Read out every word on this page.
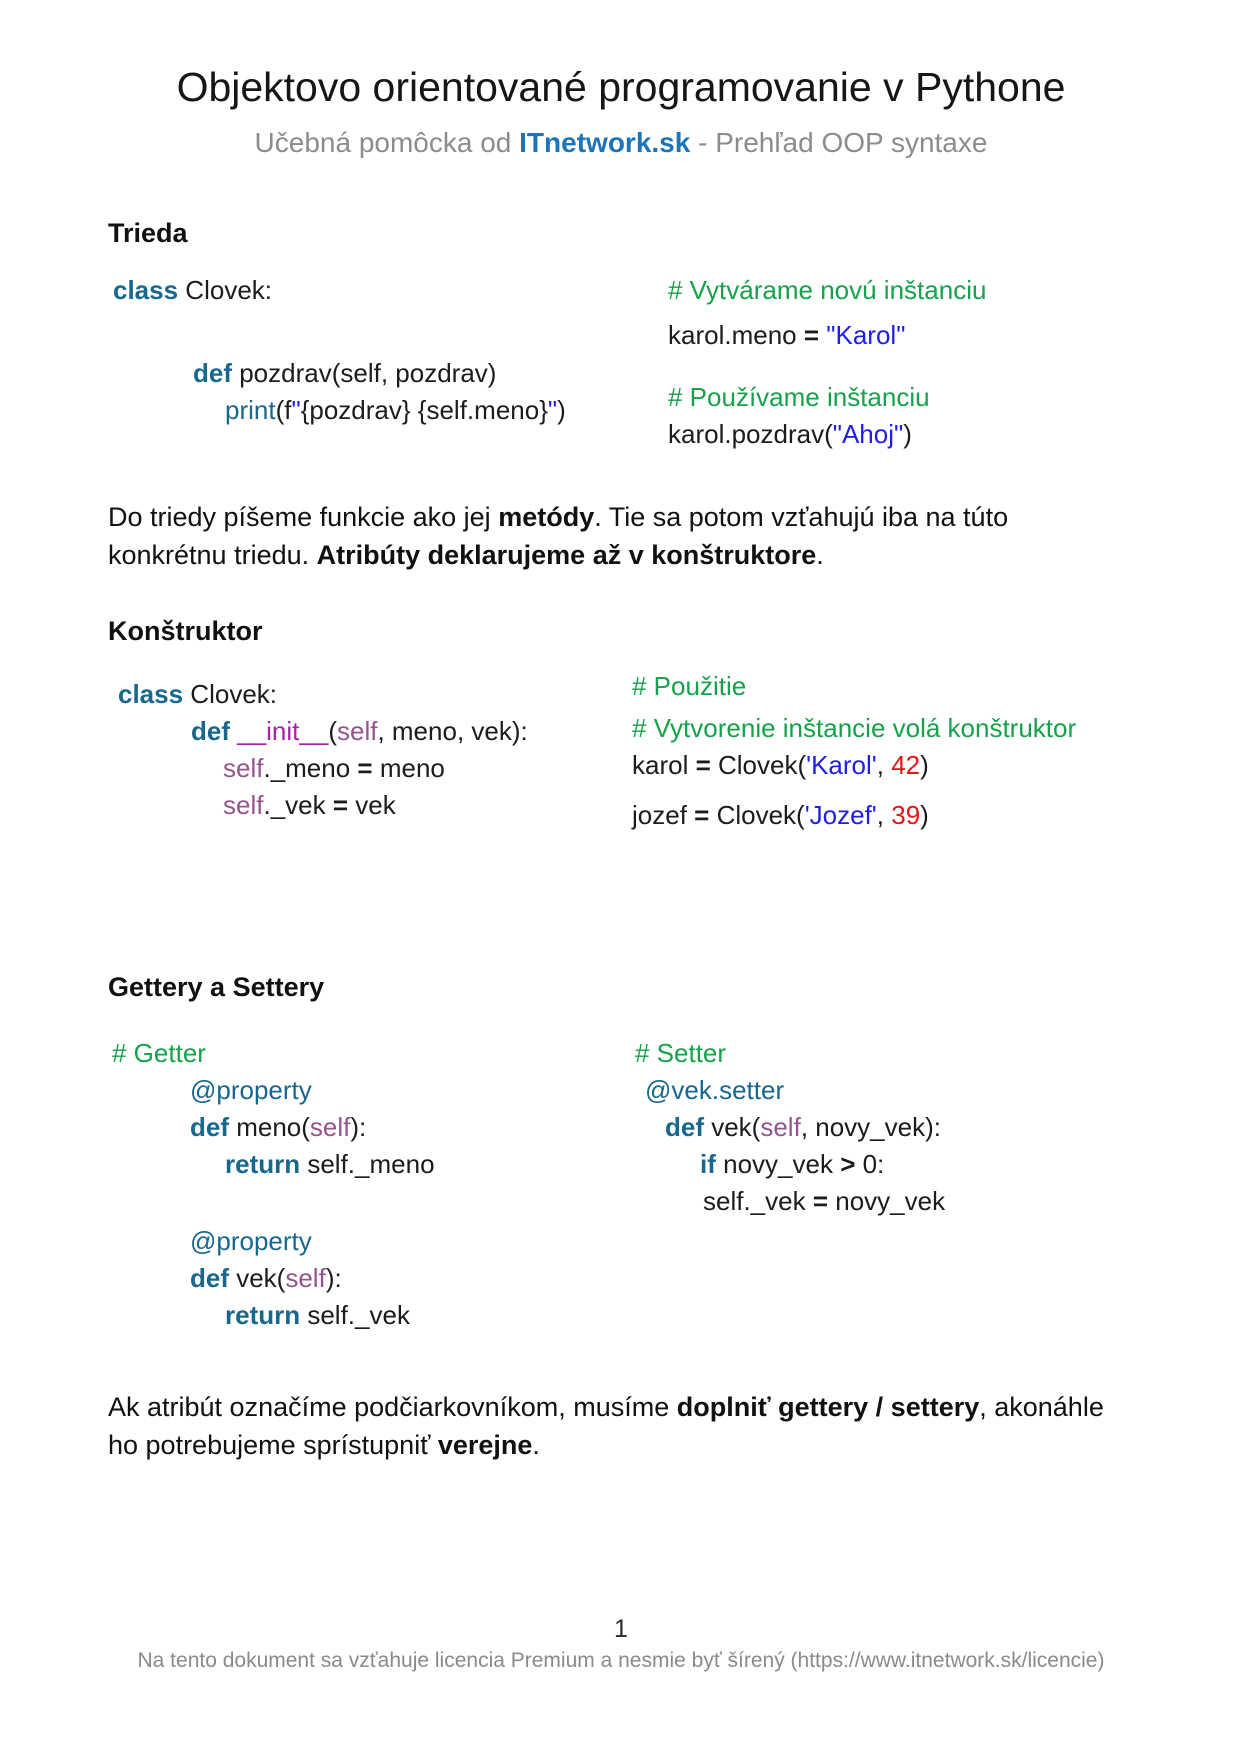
Objektovo orientované programovanie v Pythone
Učebná pomôcka od ITnetwork.sk - Prehľad OOP syntaxe
Trieda
class Clovek:
def pozdrav(self, pozdrav)
print(f"{pozdrav} {self.meno}")
# Vytvárame novú inštanciu
karol.meno = "Karol"
# Používame inštanciu
karol.pozdrav("Ahoj")
Do triedy píšeme funkcie ako jej metódy. Tie sa potom vzťahujú iba na túto konkrétnu triedu. Atribúty deklarujeme až v konštruktore.
Konštruktor
class Clovek:
def __init__(self, meno, vek):
self._meno = meno
self._vek = vek
# Použitie
# Vytvorenie inštancie volá konštruktor
karol = Clovek('Karol', 42)
jozef = Clovek('Jozef', 39)
Gettery a Settery
# Getter
@property
def meno(self):
return self._meno
@property
def vek(self):
return self._vek
# Setter
@vek.setter
def vek(self, novy_vek):
if novy_vek > 0:
self._vek = novy_vek
Ak atribút označíme podčiarkovníkom, musíme doplniť gettery / settery, akonáhle ho potrebujeme sprístupniť verejne.
1
Na tento dokument sa vzťahuje licencia Premium a nesmie byť šírený (https://www.itnetwork.sk/licencie)
